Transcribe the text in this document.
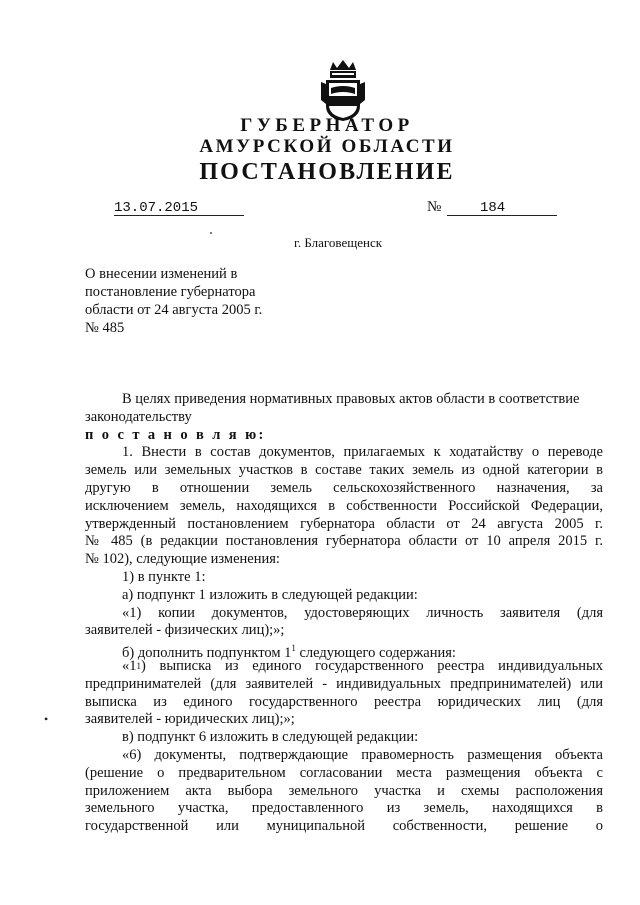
ГУБЕРНАТОР
АМУРСКОЙ ОБЛАСТИ
ПОСТАНОВЛЕНИЕ
13.07.2015	№	184
г. Благовещенск
О внесении изменений в
постановление губернатора
области от 24 августа 2005 г.
№ 485
В целях приведения нормативных правовых актов области в соответствие
законодательству
п о с т а н о в л я ю:
1. Внести в состав документов, прилагаемых к ходатайству о переводе
земель или земельных участков в составе таких земель из одной категории в
другую в отношении земель сельскохозяйственного назначения, за
исключением земель, находящихся в собственности Российской Федерации,
утвержденный постановлением губернатора области от 24 августа 2005 г.
№ 485 (в редакции постановления губернатора области от 10 апреля 2015 г.
№ 102), следующие изменения:
1) в пункте 1:
а) подпункт 1 изложить в следующей редакции:
«1) копии документов, удостоверяющих личность заявителя (для
заявителей - физических лиц);»;
б) дополнить подпунктом $1^1$ следующего содержания:
«1 1 ) выписка из единого государственного реестра индивидуальных
предпринимателей (для заявителей - индивидуальных предпринимателей) или
выписка из единого государственного реестра юридических лиц (для
заявителей - юридических лиц);»;
в) подпункт 6 изложить в следующей редакции:
«6) документы, подтверждающие правомерность размещения объекта
(решение о предварительном согласовании места размещения объекта с
приложением акта выбора земельного участка и схемы расположения
земельного участка, предоставленного из земель, находящихся в
государственной или муниципальной собственности, решение о
•
